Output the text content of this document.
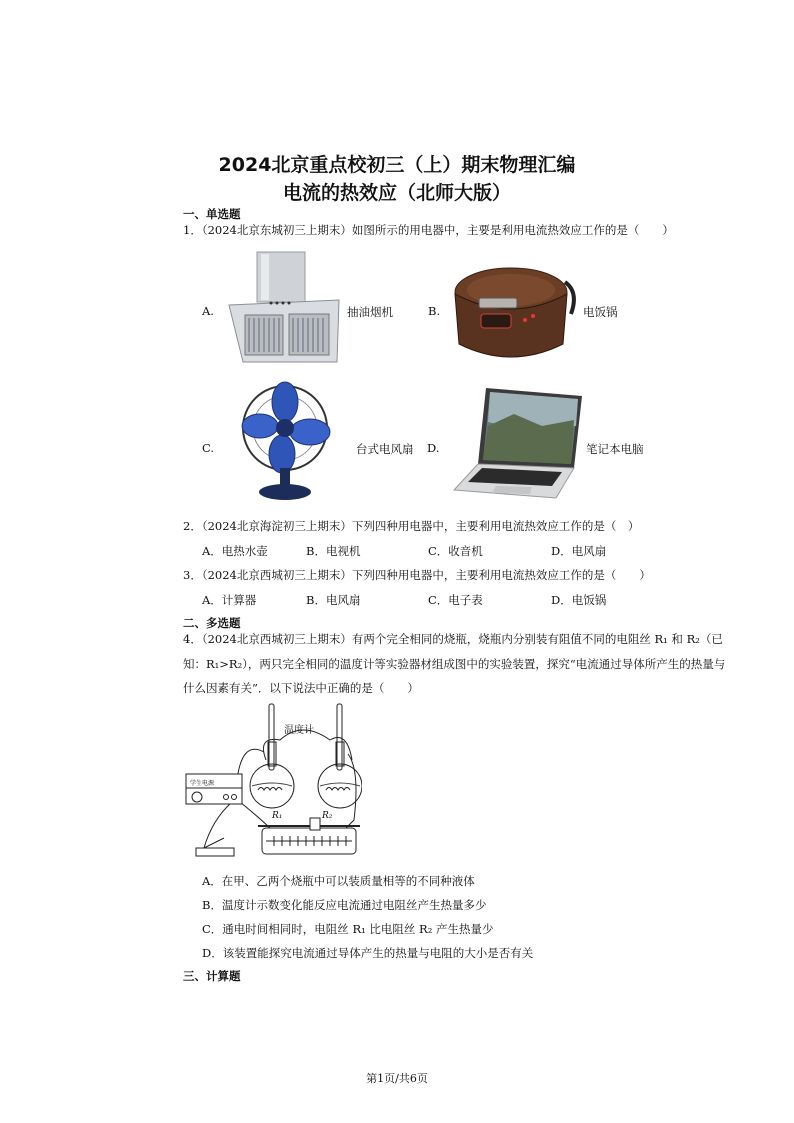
2024北京重点校初三（上）期末物理汇编
电流的热效应（北师大版）
一、单选题
1．（2024北京东城初三上期末）如图所示的用电器中，主要是利用电流热效应工作的是（　　）
A.	抽油烟机	B.	电饭锅
C.	台式电风扇 D.	笔记本电脑
2．（2024北京海淀初三上期末）下列四种用电器中，主要利用电流热效应工作的是（　）
A．电热水壶	B．电视机	C．收音机	D．电风扇
3．（2024北京西城初三上期末）下列四种用电器中，主要利用电流热效应工作的是（　　）
A．计算器	B．电风扇	C．电子表	D．电饭锅
二、多选题
4．（2024北京西城初三上期末）有两个完全相同的烧瓶，烧瓶内分别装有阻值不同的电阻丝 R₁ 和 R₂（已
知：R₁>R₂），两只完全相同的温度计等实验器材组成图中的实验装置，探究“电流通过导体所产生的热量与
什么因素有关”．以下说法中正确的是（　　）
温度计
学生电源
R₁	R₂
A．在甲、乙两个烧瓶中可以装质量相等的不同种液体
B．温度计示数变化能反应电流通过电阻丝产生热量多少
C．通电时间相同时，电阻丝 R₁ 比电阻丝 R₂ 产生热量少
D．该装置能探究电流通过导体产生的热量与电阻的大小是否有关
三、计算题
第1页/共6页
